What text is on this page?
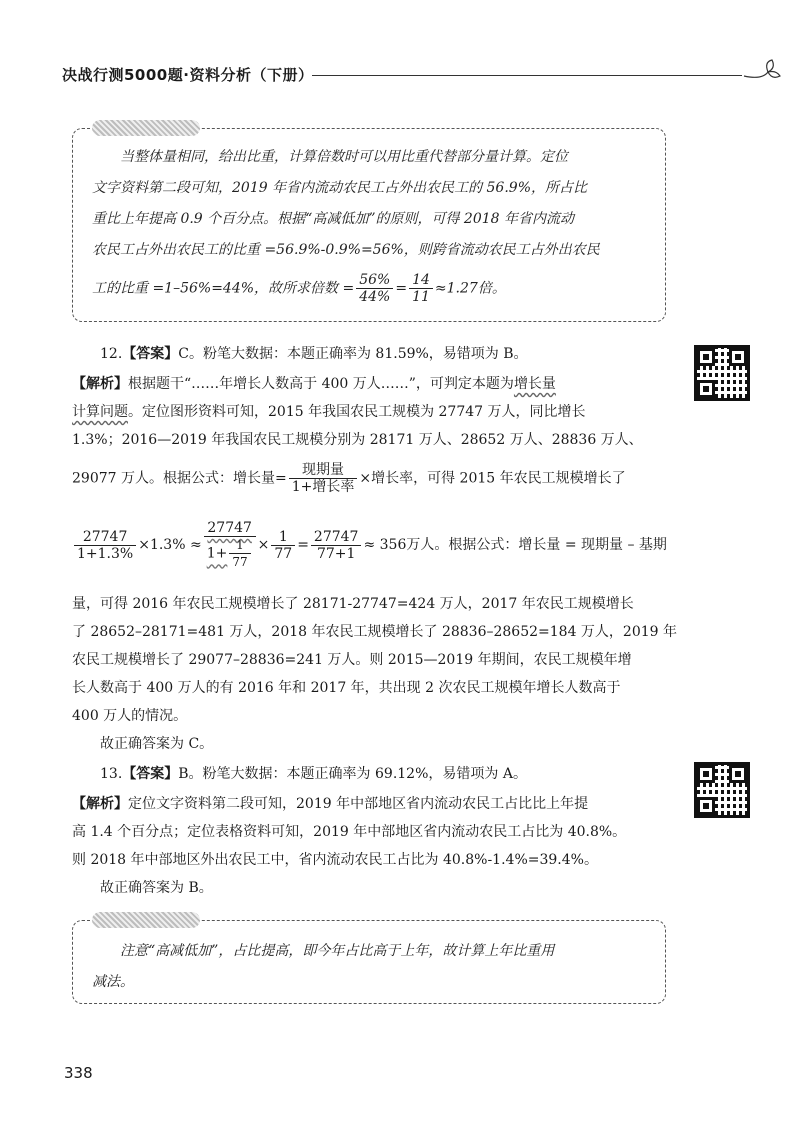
决战行测5000题·资料分析（下册）
当整体量相同，给出比重，计算倍数时可以用比重代替部分量计算。定位
文字资料第二段可知，2019 年省内流动农民工占外出农民工的 56.9%，所占比
重比上年提高 0.9 个百分点。根据“高减低加”的原则，可得 2018 年省内流动
农民工占外出农民工的比重 =56.9%-0.9%=56%，则跨省流动农民工占外出农民
工的比重 =1–56%=44%，故所求倍数 = $\frac{56\%}{44\%} = \frac{14}{11} \approx 1.27$倍。
12.【答案】C。粉笔大数据：本题正确率为 81.59%，易错项为 B。
【解析】根据题干“……年增长人数高于 400 万人……”，可判定本题为增长量
计算问题。定位图形资料可知，2015 年我国农民工规模为 27747 万人，同比增长
1.3%；2016—2019 年我国农民工规模分别为 28171 万人、28652 万人、28836 万人、
29077 万人。根据公式：增长量= $\frac{\text{现期量}}{\text{1+增长率}}$ ×增长率，可得 2015 年农民工规模增长了
$\frac{27747}{1+1.3\%} \times 1.3\% \approx \frac{27747}{1+ \frac{1}{77}} \times \frac{1}{77} = \frac{27747}{77+1} \approx 356$万人。根据公式：增长量 = 现期量 – 基期
量，可得 2016 年农民工规模增长了 28171-27747=424 万人，2017 年农民工规模增长
了 28652–28171=481 万人，2018 年农民工规模增长了 28836–28652=184 万人，2019 年
农民工规模增长了 29077–28836=241 万人。则 2015—2019 年期间，农民工规模年增
长人数高于 400 万人的有 2016 年和 2017 年，共出现 2 次农民工规模年增长人数高于
400 万人的情况。
故正确答案为 C。
13.【答案】B。粉笔大数据：本题正确率为 69.12%，易错项为 A。
【解析】定位文字资料第二段可知，2019 年中部地区省内流动农民工占比比上年提
高 1.4 个百分点；定位表格资料可知，2019 年中部地区省内流动农民工占比为 40.8%。
则 2018 年中部地区外出农民工中，省内流动农民工占比为 40.8%-1.4%=39.4%。
故正确答案为 B。
注意“高减低加”，占比提高，即今年占比高于上年，故计算上年比重用
减法。
338
